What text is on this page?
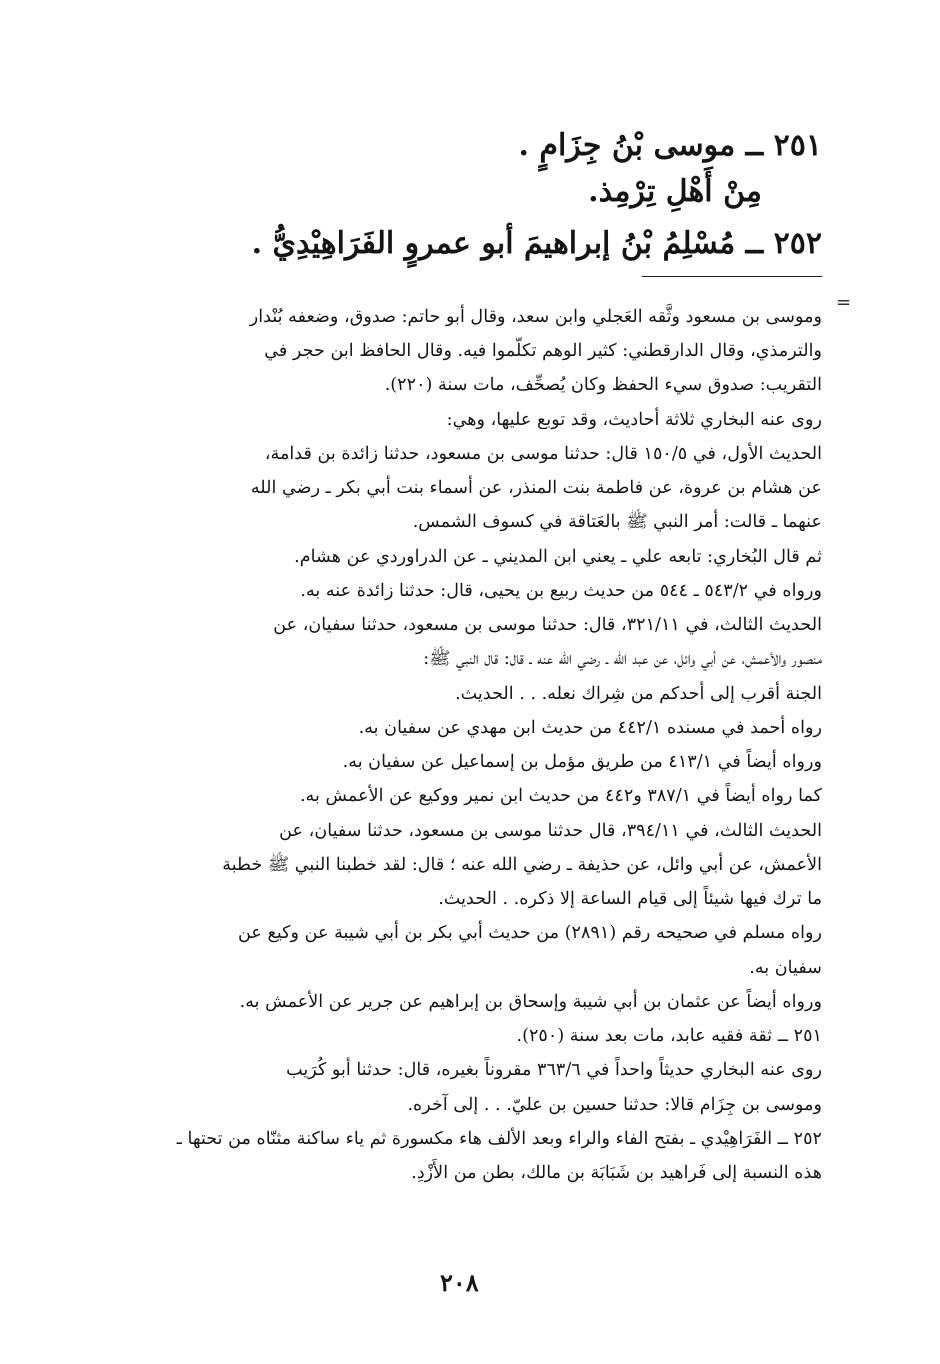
٢٥١ ــ موسى بْنُ جِزَامٍ .
مِنْ أَهْلِ تِرْمِذ.
٢٥٢ ــ مُسْلِمُ بْنُ إبراهيمَ أبو عمروٍ الفَرَاهِيْدِيُّ .
=
وموسى بن مسعود وثَّقه العَجلي وابن سعد، وقال أبو حاتم: صدوق، وضعفه بُنْدار
والترمذي، وقال الدارقطني: كثير الوهم تكلّموا فيه. وقال الحافظ ابن حجر في
التقريب: صدوق سيء الحفظ وكان يُصحِّف، مات سنة (٢٢٠).
روى عنه البخاري ثلاثة أحاديث، وقد توبع عليها، وهي:
الحديث الأول، في ١٥٠/٥ قال: حدثنا موسى بن مسعود، حدثنا زائدة بن قدامة،
عن هشام بن عروة، عن فاطمة بنت المنذر، عن أسماء بنت أبي بكر ـ رضي الله
عنهما ـ قالت: أمر النبي ﷺ بالعَتاقة في كسوف الشمس.
ثم قال البُخاري: تابعه علي ـ يعني ابن المديني ـ عن الدراوردي عن هشام.
ورواه في ٥٤٣/٢ ـ ٥٤٤ من حديث ربيع بن يحيى، قال: حدثنا زائدة عنه به.
الحديث الثالث، في ٣٢١/١١، قال: حدثنا موسى بن مسعود، حدثنا سفيان، عن
منصور والأعمش، عن أبي وائل، عن عبد الله ـ رضي الله عنه ـ قال: قال النبي ﷺ:
الجنة أقرب إلى أحدكم من شِراك نعله. . . الحديث.
رواه أحمد في مسنده ٤٤٢/١ من حديث ابن مهدي عن سفيان به.
ورواه أيضاً في ٤١٣/١ من طريق مؤمل بن إسماعيل عن سفيان به.
كما رواه أيضاً في ٣٨٧/١ و٤٤٢ من حديث ابن نمير ووكيع عن الأعمش به.
الحديث الثالث، في ٣٩٤/١١، قال حدثنا موسى بن مسعود، حدثنا سفيان، عن
الأعمش، عن أبي وائل، عن حذيفة ـ رضي الله عنه ؛ قال: لقد خطبنا النبي ﷺ خطبة
ما ترك فيها شيئاً إلى قيام الساعة إلا ذكره. . الحديث.
رواه مسلم في صحيحه رقم (٢٨٩١) من حديث أبي بكر بن أبي شيبة عن وكيع عن
سفيان به.
ورواه أيضاً عن عثمان بن أبي شيبة وإسحاق بن إبراهيم عن جرير عن الأعمش به.
٢٥١ ــ ثقة فقيه عابد، مات بعد سنة (٢٥٠).
روى عنه البخاري حديثاً واحداً في ٣٦٣/٦ مقروناً بغيره، قال: حدثنا أبو كُرَيب
وموسى بن جِزَام قالا: حدثنا حسين بن عليّ. . . إلى آخره.
٢٥٢ ــ الفَرَاهِيْدي ـ بفتح الفاء والراء وبعد الألف هاء مكسورة ثم ياء ساكنة مثنّاه من تحتها ـ
هذه النسبة إلى فَراهيد بن شَبَابَة بن مالك، بطن من الأَزْدِ.
٢٠٨
